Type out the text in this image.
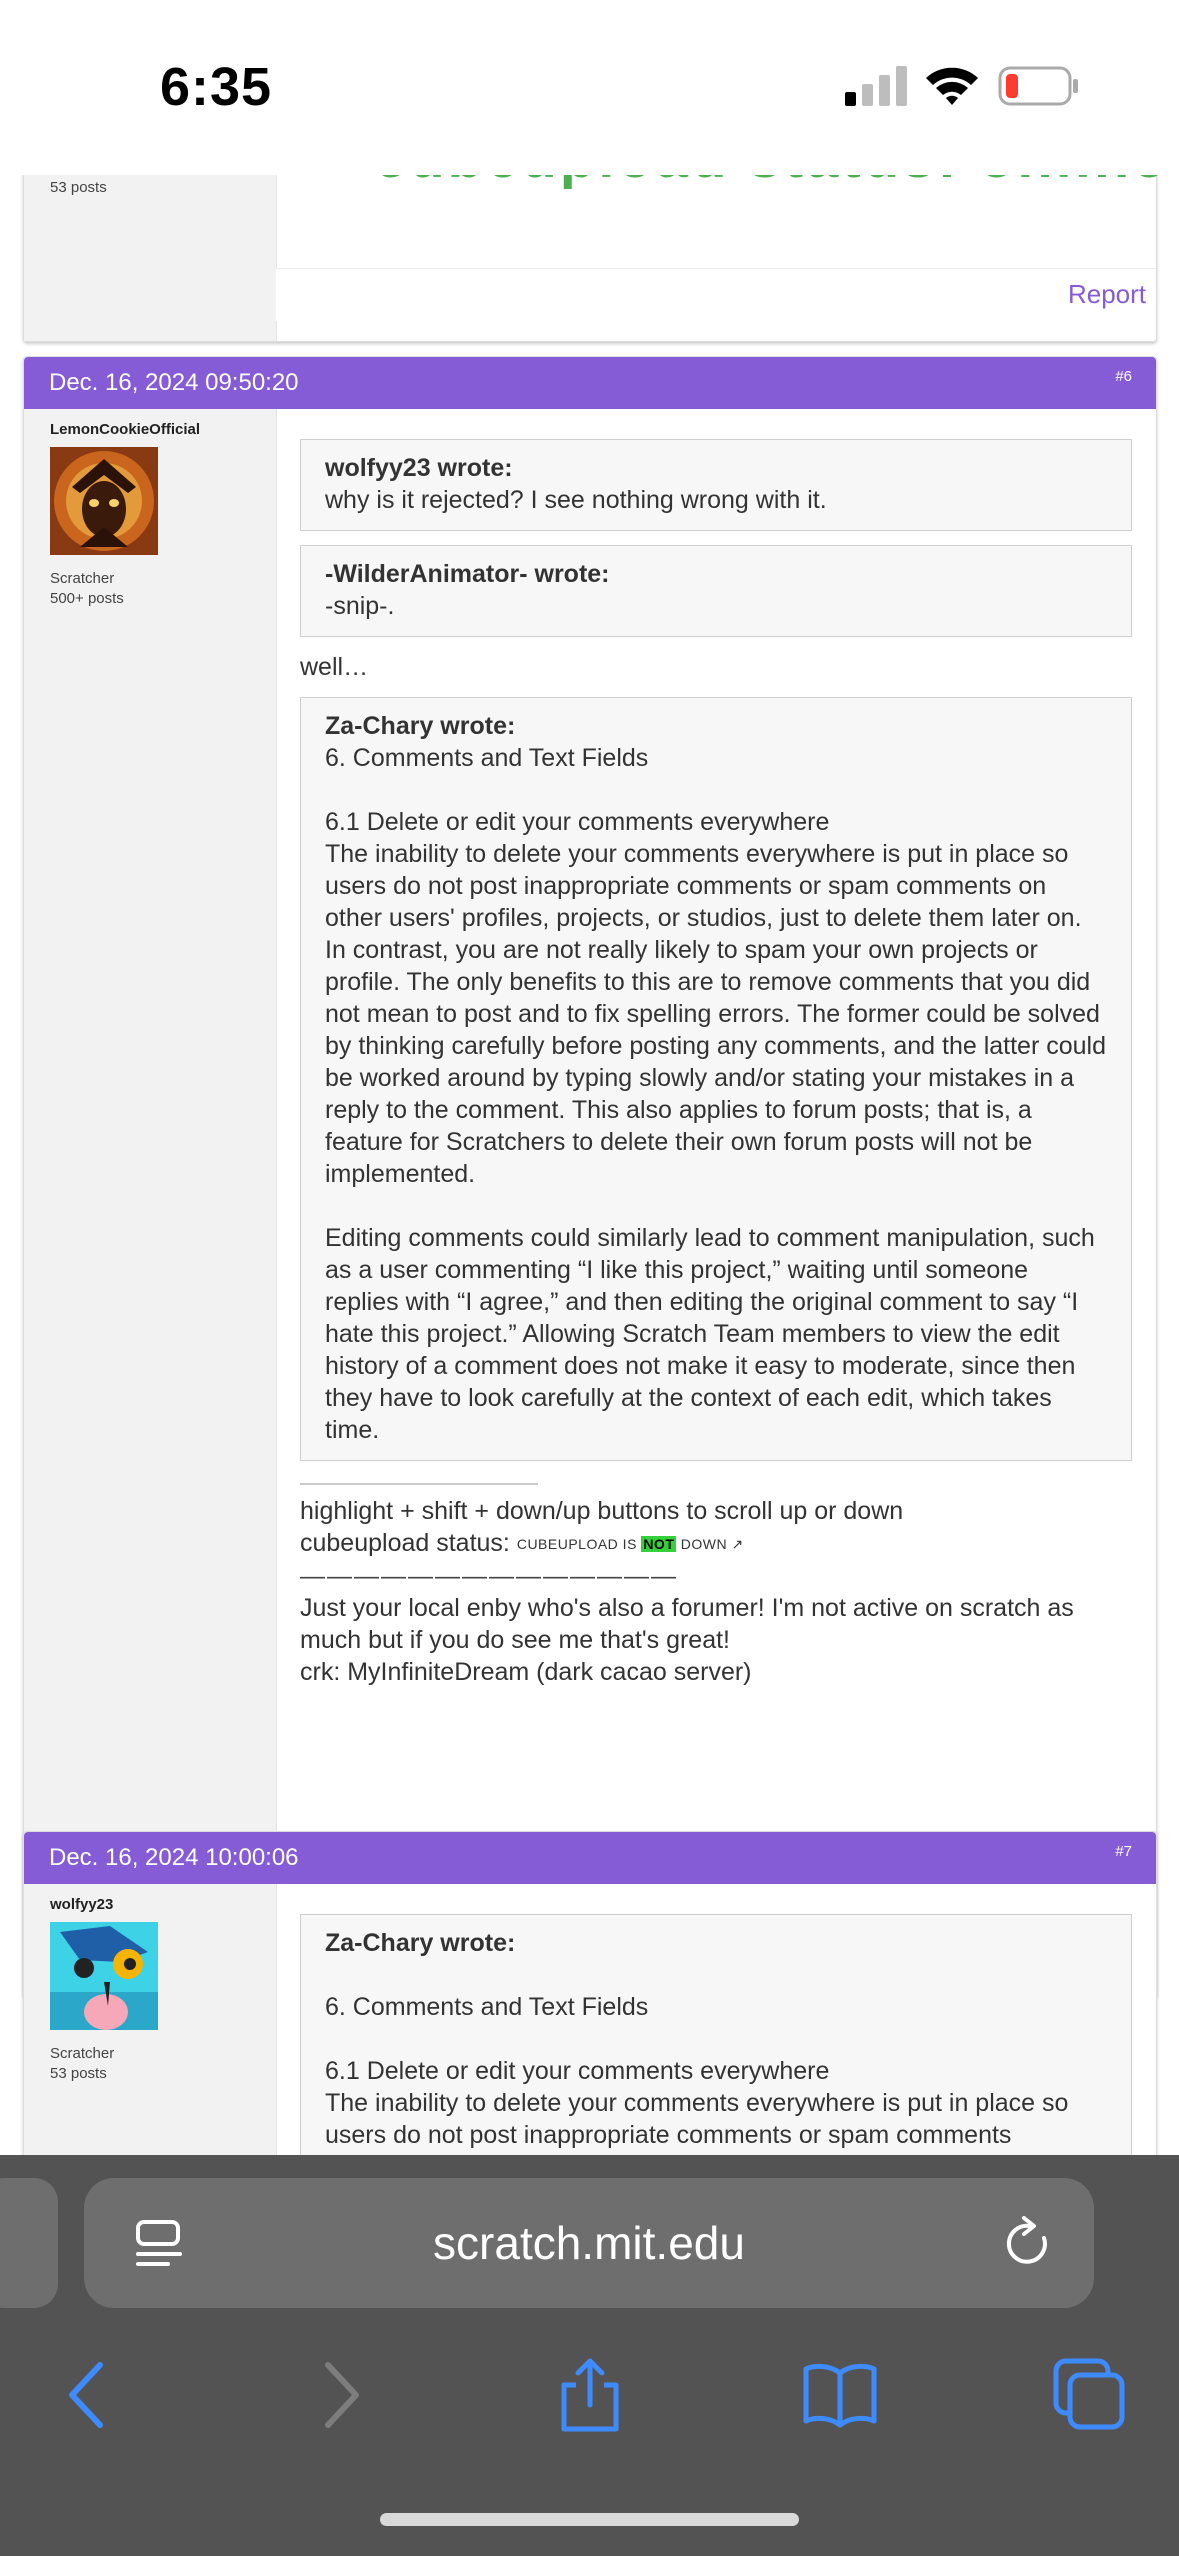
6:35
53 posts
Report
Dec. 16, 2024 09:50:20	#6
LemonCookieOfficial
Scratcher
500+ posts
wolfyy23 wrote:
why is it rejected? I see nothing wrong with it.
-WilderAnimator- wrote:
-snip-.
well…
Za-Chary wrote:
6. Comments and Text Fields
6.1 Delete or edit your comments everywhere
The inability to delete your comments everywhere is put in place so users do not post inappropriate comments or spam comments on other users' profiles, projects, or studios, just to delete them later on. In contrast, you are not really likely to spam your own projects or profile. The only benefits to this are to remove comments that you did not mean to post and to fix spelling errors. The former could be solved by thinking carefully before posting any comments, and the latter could be worked around by typing slowly and/or stating your mistakes in a reply to the comment. This also applies to forum posts; that is, a feature for Scratchers to delete their own forum posts will not be implemented.
Editing comments could similarly lead to comment manipulation, such as a user commenting “I like this project,” waiting until someone replies with “I agree,” and then editing the original comment to say “I hate this project.” Allowing Scratch Team members to view the edit history of a comment does not make it easy to moderate, since then they have to look carefully at the context of each edit, which takes time.
highlight + shift + down/up buttons to scroll up or down
cubeupload status: CUBEUPLOAD IS NOT DOWN ↗
——————————————
Just your local enby who's also a forumer! I'm not active on scratch as much but if you do see me that's great!
crk: MyInfiniteDream (dark cacao server)
Dec. 16, 2024 10:00:06	#7
wolfyy23
Scratcher
53 posts
Za-Chary wrote:
6. Comments and Text Fields
6.1 Delete or edit your comments everywhere
The inability to delete your comments everywhere is put in place so users do not post inappropriate comments or spam comments
scratch.mit.edu
